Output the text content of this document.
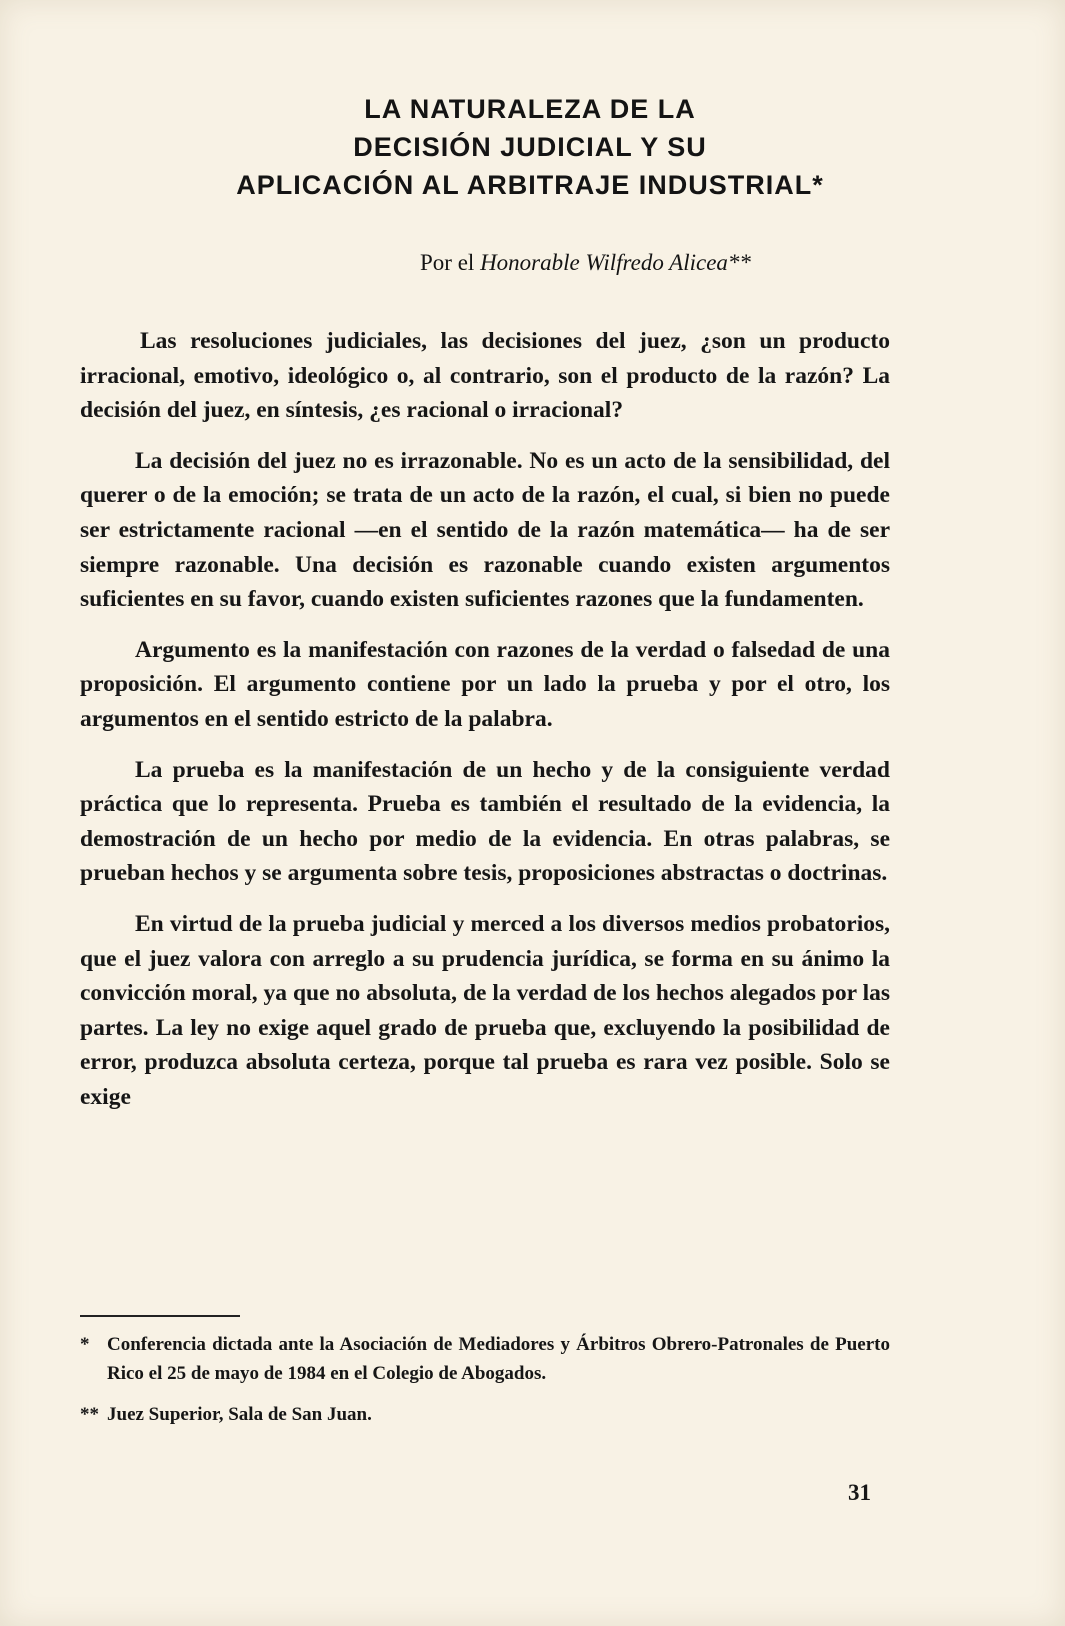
LA NATURALEZA DE LA
DECISIÓN JUDICIAL Y SU
APLICACIÓN AL ARBITRAJE INDUSTRIAL*
Por el Honorable Wilfredo Alicea**

Las resoluciones judiciales, las decisiones del juez, ¿son un producto irracional, emotivo, ideológico o, al contrario, son el producto de la razón? La decisión del juez, en síntesis, ¿es racional o irracional?

La decisión del juez no es irrazonable. No es un acto de la sensibilidad, del querer o de la emoción; se trata de un acto de la razón, el cual, si bien no puede ser estrictamente racional —en el sentido de la razón matemática— ha de ser siempre razonable. Una decisión es razonable cuando existen argumentos suficientes en su favor, cuando existen suficientes razones que la fundamenten.

Argumento es la manifestación con razones de la verdad o falsedad de una proposición. El argumento contiene por un lado la prueba y por el otro, los argumentos en el sentido estricto de la palabra.

La prueba es la manifestación de un hecho y de la consiguiente verdad práctica que lo representa. Prueba es también el resultado de la evidencia, la demostración de un hecho por medio de la evidencia. En otras palabras, se prueban hechos y se argumenta sobre tesis, proposiciones abstractas o doctrinas.

En virtud de la prueba judicial y merced a los diversos medios probatorios, que el juez valora con arreglo a su prudencia jurídica, se forma en su ánimo la convicción moral, ya que no absoluta, de la verdad de los hechos alegados por las partes. La ley no exige aquel grado de prueba que, excluyendo la posibilidad de error, produzca absoluta certeza, porque tal prueba es rara vez posible. Solo se exige

* Conferencia dictada ante la Asociación de Mediadores y Árbitros Obrero-Patronales de Puerto Rico el 25 de mayo de 1984 en el Colegio de Abogados.
** Juez Superior, Sala de San Juan.
31
